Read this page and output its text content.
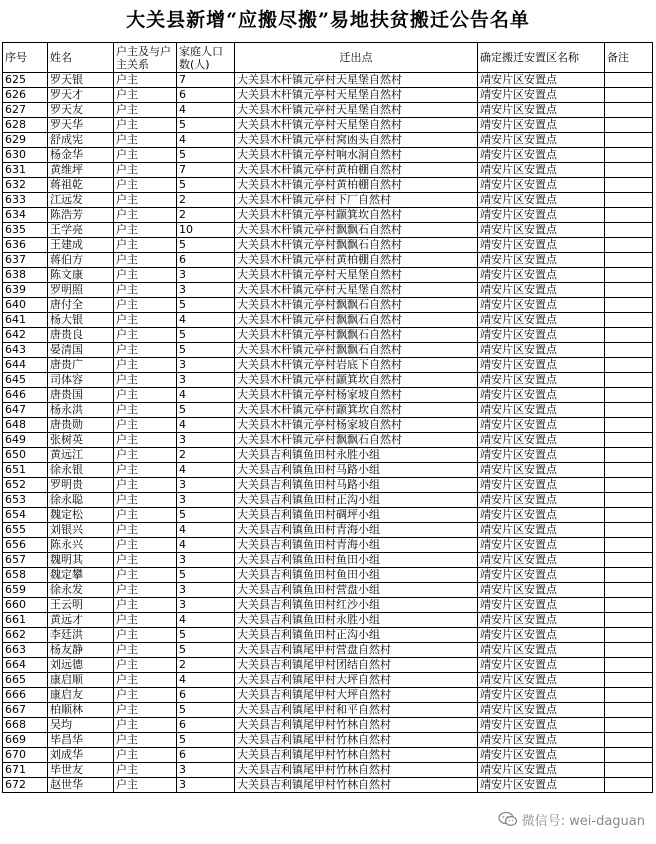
大关县新增“应搬尽搬”易地扶贫搬迁公告名单
序号	姓名	户主及与户主关系	家庭人口数(人)	迁出点	确定搬迁安置区名称	备注
625	罗天银	户主	7	大关县木杆镇元亭村天星堡自然村	靖安片区安置点	
626	罗天才	户主	6	大关县木杆镇元亭村天星堡自然村	靖安片区安置点	
627	罗天友	户主	4	大关县木杆镇元亭村天星堡自然村	靖安片区安置点	
628	罗天华	户主	5	大关县木杆镇元亭村天星堡自然村	靖安片区安置点	
629	舒成宪	户主	4	大关县木杆镇元亭村窝凼头自然村	靖安片区安置点	
630	杨金华	户主	5	大关县木杆镇元亭村响水洞自然村	靖安片区安置点	
631	黄维坪	户主	7	大关县木杆镇元亭村黄柏棚自然村	靖安片区安置点	
632	蒋祖乾	户主	5	大关县木杆镇元亭村黄柏棚自然村	靖安片区安置点	
633	江远发	户主	2	大关县木杆镇元亭村下厂自然村	靖安片区安置点	
634	陈浩芳	户主	2	大关县木杆镇元亭村颛箕坎自然村	靖安片区安置点	
635	王学亮	户主	10	大关县木杆镇元亭村飘飘石自然村	靖安片区安置点	
636	王建成	户主	5	大关县木杆镇元亭村飘飘石自然村	靖安片区安置点	
637	蒋伯方	户主	6	大关县木杆镇元亭村黄柏棚自然村	靖安片区安置点	
638	陈文康	户主	3	大关县木杆镇元亭村天星堡自然村	靖安片区安置点	
639	罗明照	户主	3	大关县木杆镇元亭村天星堡自然村	靖安片区安置点	
640	唐付全	户主	5	大关县木杆镇元亭村飘飘石自然村	靖安片区安置点	
641	杨大银	户主	4	大关县木杆镇元亭村飘飘石自然村	靖安片区安置点	
642	唐贵良	户主	5	大关县木杆镇元亭村飘飘石自然村	靖安片区安置点	
643	晏清国	户主	5	大关县木杆镇元亭村飘飘石自然村	靖安片区安置点	
644	唐贵广	户主	3	大关县木杆镇元亭村岩底下自然村	靖安片区安置点	
645	司体容	户主	3	大关县木杆镇元亭村颛箕坎自然村	靖安片区安置点	
646	唐贵国	户主	4	大关县木杆镇元亭村杨家坡自然村	靖安片区安置点	
647	杨永洪	户主	5	大关县木杆镇元亭村颛箕坎自然村	靖安片区安置点	
648	唐贵勋	户主	4	大关县木杆镇元亭村杨家坡自然村	靖安片区安置点	
649	张树英	户主	3	大关县木杆镇元亭村飘飘石自然村	靖安片区安置点	
650	黄远江	户主	2	大关县吉利镇鱼田村永胜小组	靖安片区安置点	
651	徐永银	户主	4	大关县吉利镇鱼田村马路小组	靖安片区安置点	
652	罗明贵	户主	3	大关县吉利镇鱼田村马路小组	靖安片区安置点	
653	徐永聪	户主	3	大关县吉利镇鱼田村正沟小组	靖安片区安置点	
654	魏定松	户主	5	大关县吉利镇鱼田村碉坪小组	靖安片区安置点	
655	刘银兴	户主	4	大关县吉利镇鱼田村青海小组	靖安片区安置点	
656	陈永兴	户主	4	大关县吉利镇鱼田村青海小组	靖安片区安置点	
657	魏明其	户主	3	大关县吉利镇鱼田村鱼田小组	靖安片区安置点	
658	魏定攀	户主	5	大关县吉利镇鱼田村鱼田小组	靖安片区安置点	
659	徐永发	户主	3	大关县吉利镇鱼田村营盘小组	靖安片区安置点	
660	王云明	户主	3	大关县吉利镇鱼田村红沙小组	靖安片区安置点	
661	黄远才	户主	4	大关县吉利镇鱼田村永胜小组	靖安片区安置点	
662	李廷洪	户主	5	大关县吉利镇鱼田村正沟小组	靖安片区安置点	
663	杨友静	户主	5	大关县吉利镇尾甲村营盘自然村	靖安片区安置点	
664	刘远德	户主	2	大关县吉利镇尾甲村团结自然村	靖安片区安置点	
665	康启顺	户主	4	大关县吉利镇尾甲村大坪自然村	靖安片区安置点	
666	康启友	户主	6	大关县吉利镇尾甲村大坪自然村	靖安片区安置点	
667	柏顺林	户主	5	大关县吉利镇尾甲村和平自然村	靖安片区安置点	
668	吴均	户主	6	大关县吉利镇尾甲村竹林自然村	靖安片区安置点	
669	毕昌华	户主	5	大关县吉利镇尾甲村竹林自然村	靖安片区安置点	
670	刘成华	户主	6	大关县吉利镇尾甲村竹林自然村	靖安片区安置点	
671	毕世友	户主	3	大关县吉利镇尾甲村竹林自然村	靖安片区安置点	
672	赵世华	户主	3	大关县吉利镇尾甲村竹林自然村	靖安片区安置点	
微信号: wei-daguan
